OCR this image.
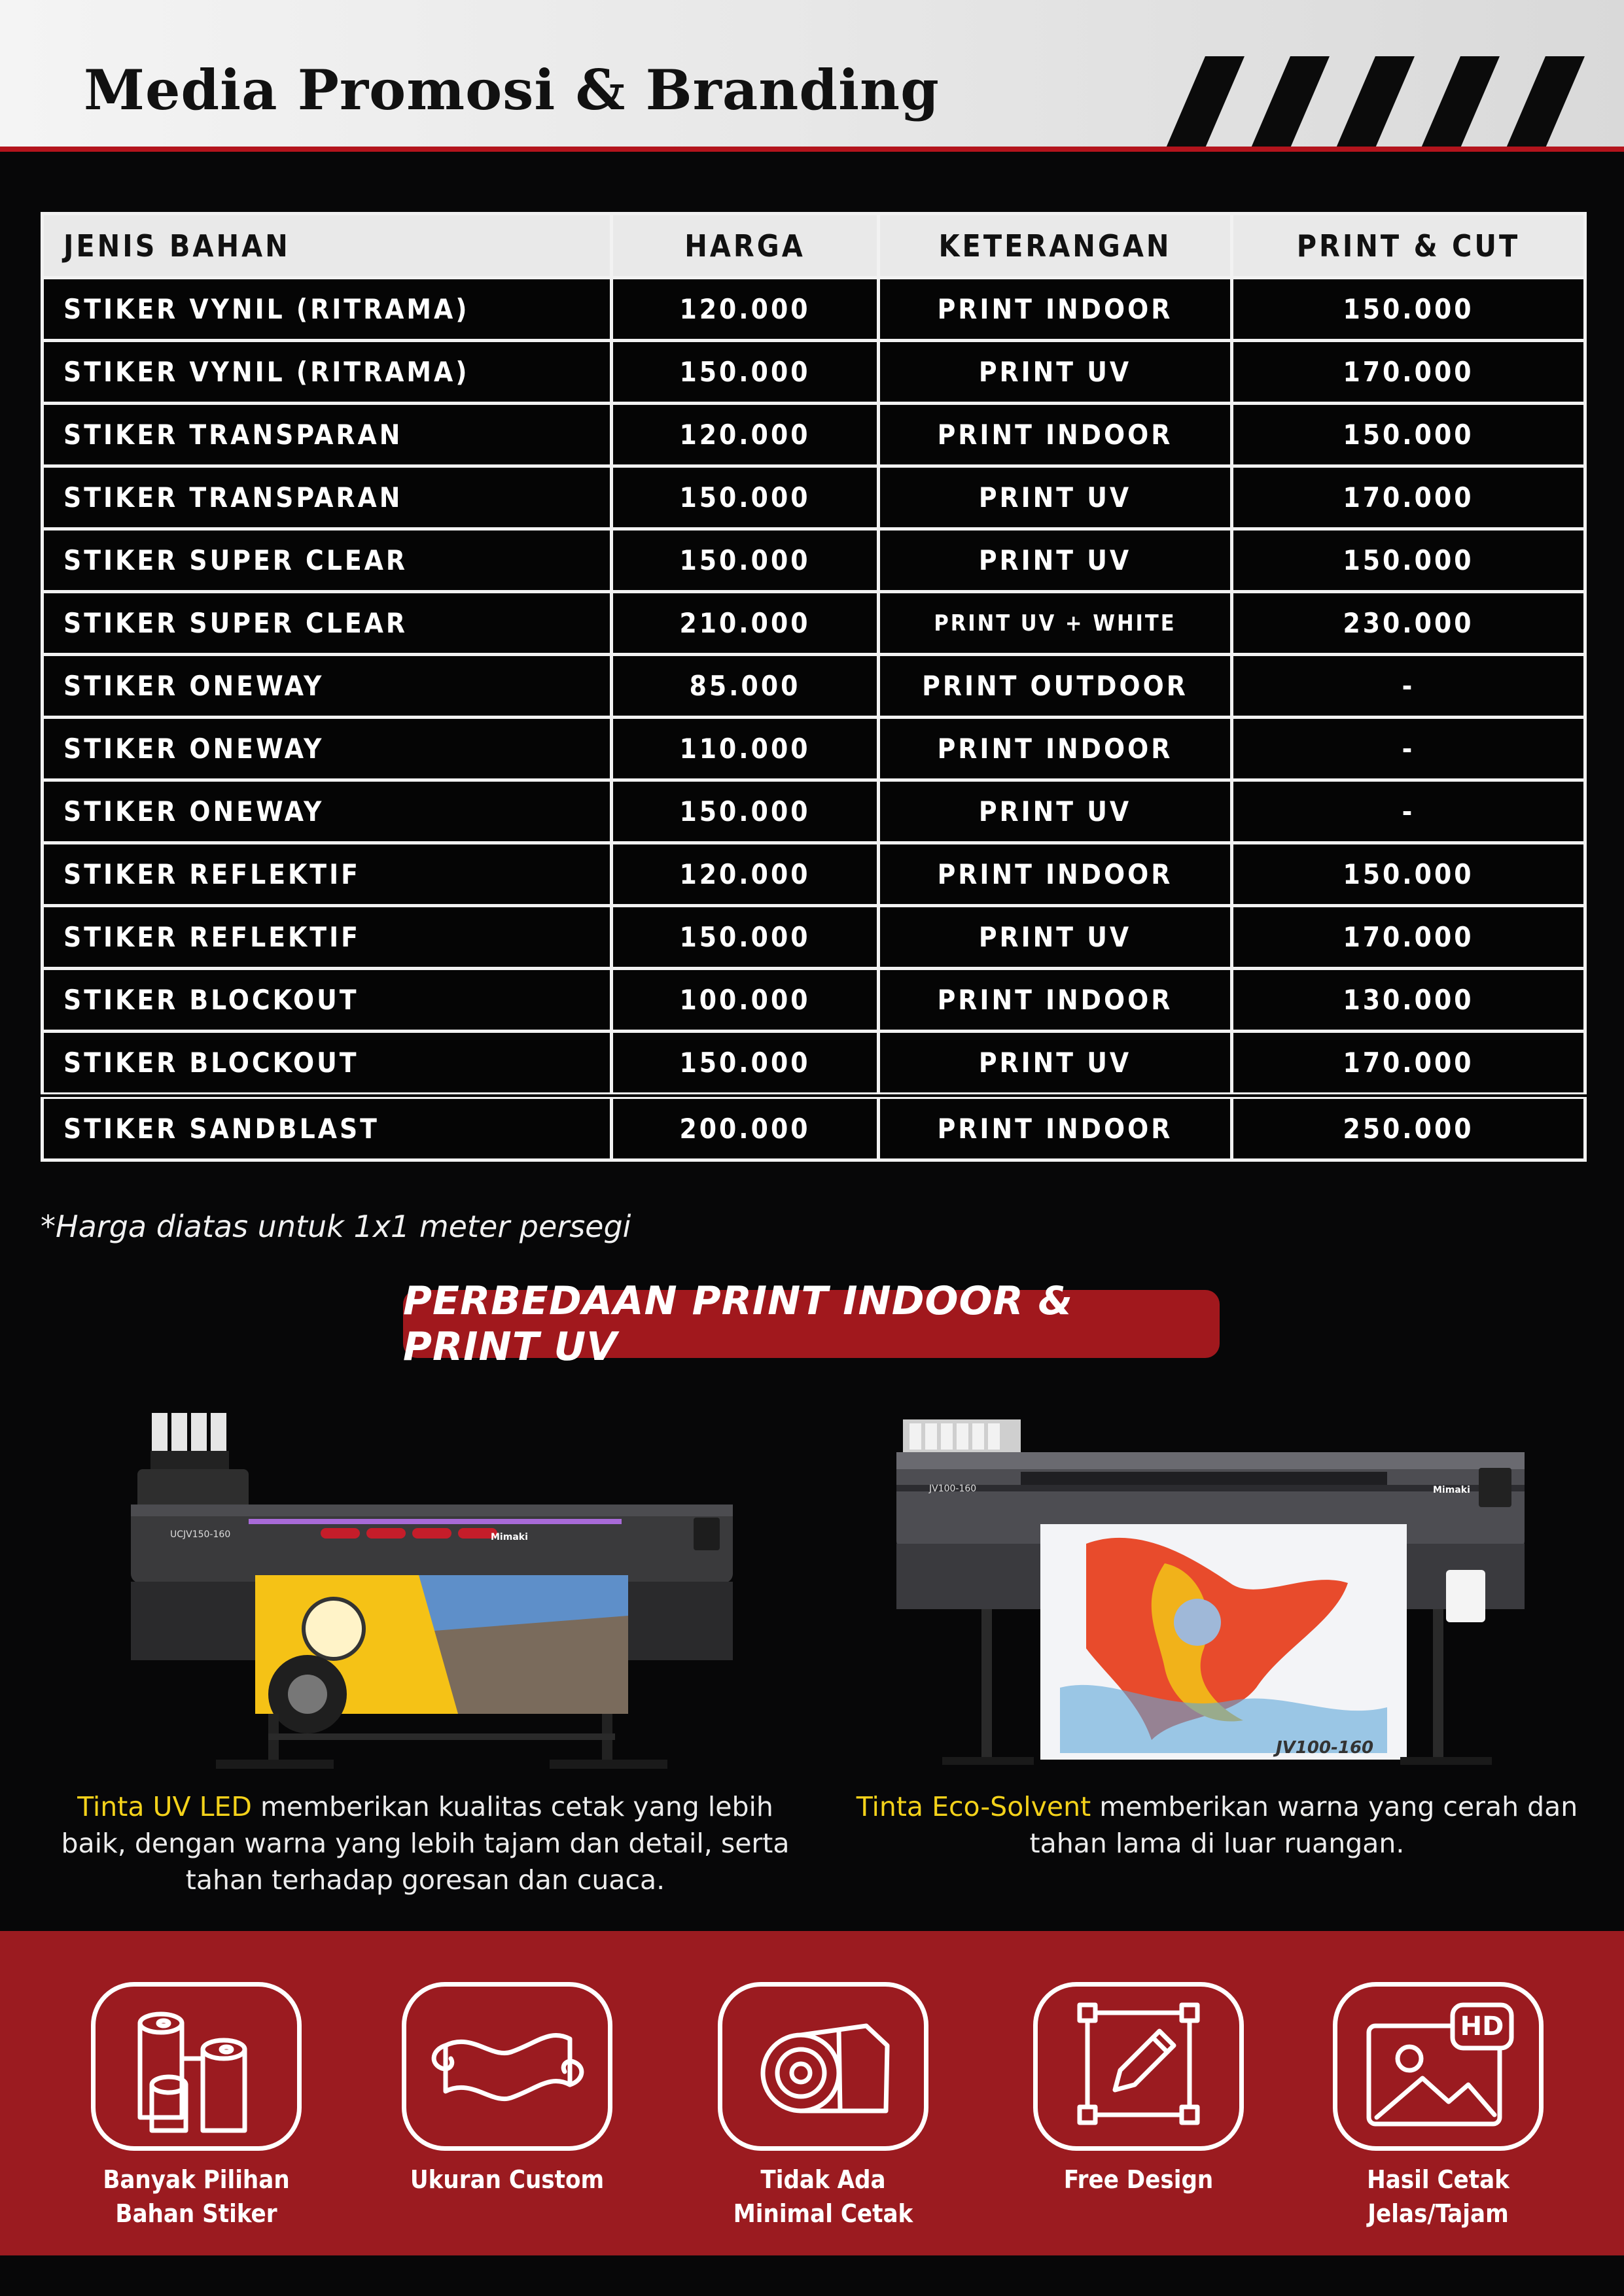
Media Promosi & Branding
JENIS BAHAN	HARGA	KETERANGAN	PRINT & CUT
STIKER VYNIL (RITRAMA)	120.000	PRINT INDOOR	150.000
STIKER VYNIL (RITRAMA)	150.000	PRINT UV	170.000
STIKER TRANSPARAN	120.000	PRINT INDOOR	150.000
STIKER TRANSPARAN	150.000	PRINT UV	170.000
STIKER SUPER CLEAR	150.000	PRINT UV	150.000
STIKER SUPER CLEAR	210.000	PRINT UV + WHITE	230.000
STIKER ONEWAY	85.000	PRINT OUTDOOR	-
STIKER ONEWAY	110.000	PRINT INDOOR	-
STIKER ONEWAY	150.000	PRINT UV	-
STIKER REFLEKTIF	120.000	PRINT INDOOR	150.000
STIKER REFLEKTIF	150.000	PRINT UV	170.000
STIKER BLOCKOUT	100.000	PRINT INDOOR	130.000
STIKER BLOCKOUT	150.000	PRINT UV	170.000
STIKER SANDBLAST	200.000	PRINT INDOOR	250.000
*Harga diatas untuk 1x1 meter persegi
PERBEDAAN PRINT INDOOR & PRINT UV
UCJV150-160	Mimaki
Tinta UV LED memberikan kualitas cetak yang lebih baik, dengan warna yang lebih tajam dan detail, serta tahan terhadap goresan dan cuaca.
JV100-160	Mimaki
JV100-160
Tinta Eco-Solvent memberikan warna yang cerah dan tahan lama di luar ruangan.
Banyak Pilihan
Bahan Stiker
Ukuran Custom	Tidak Ada
Minimal Cetak
Free Design
HD
Hasil Cetak
Jelas/Tajam
